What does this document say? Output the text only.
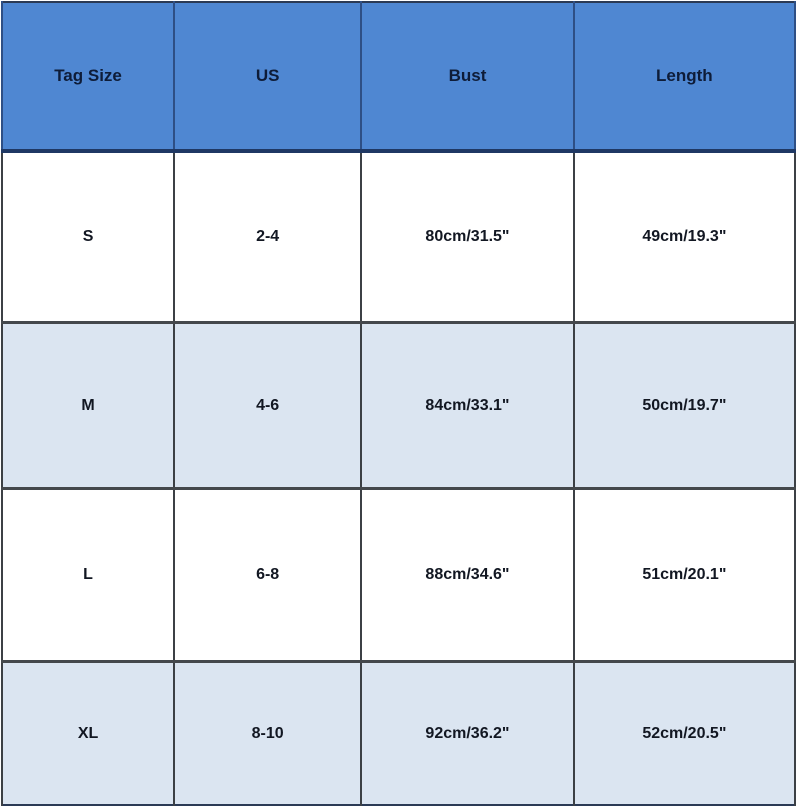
Tag Size	US	Bust	Length
S	2-4	80cm/31.5"	49cm/19.3"
M	4-6	84cm/33.1"	50cm/19.7"
L	6-8	88cm/34.6"	51cm/20.1"
XL	8-10	92cm/36.2"	52cm/20.5"
